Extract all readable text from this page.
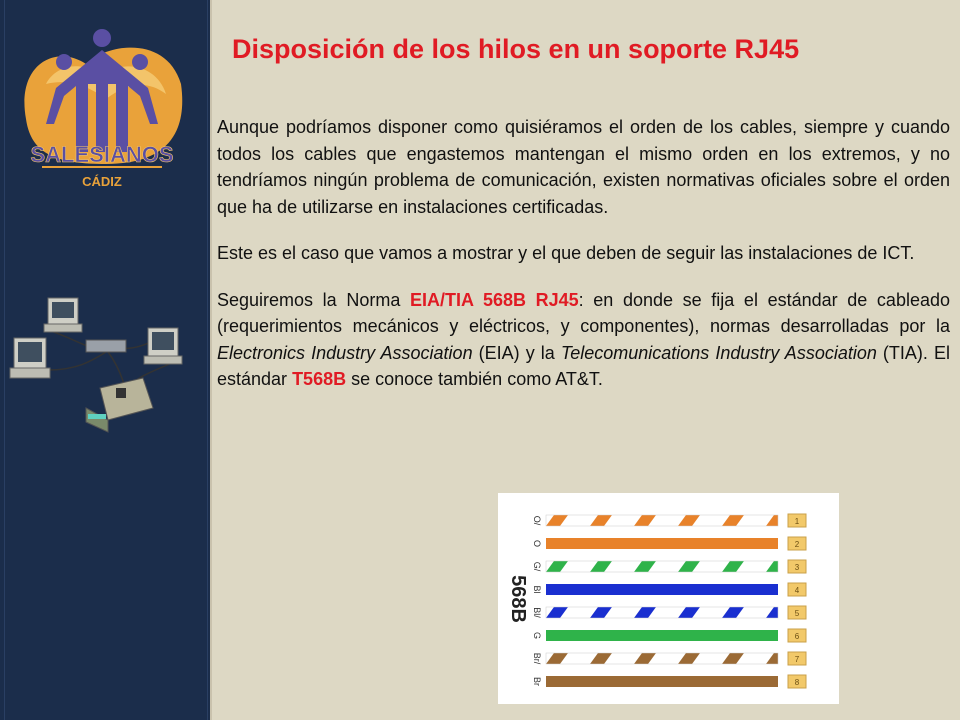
SALESIANOS
CÁDIZ
Disposición de los hilos en un soporte RJ45

Aunque podríamos disponer como quisiéramos el orden de los cables, siempre y cuando todos los cables que engastemos mantengan el mismo orden en los extremos, y no tendríamos ningún problema de comunicación, existen normativas oficiales sobre el orden que ha de utilizarse en instalaciones certificadas.

Este es el caso que vamos a mostrar y el que deben de seguir las instalaciones de ICT.

Seguiremos la Norma EIA/TIA 568B RJ45: en donde se fija el estándar de cableado (requerimientos mecánicos y eléctricos, y componentes), normas desarrolladas por la Electronics Industry Association (EIA) y la Telecomunications Industry Association (TIA). El estándar T568B se conoce también como AT&T.

568B
O/	1
O	2
G/	3
Bl	4
Bl/	5
G	6
Br/	7
Br	8
